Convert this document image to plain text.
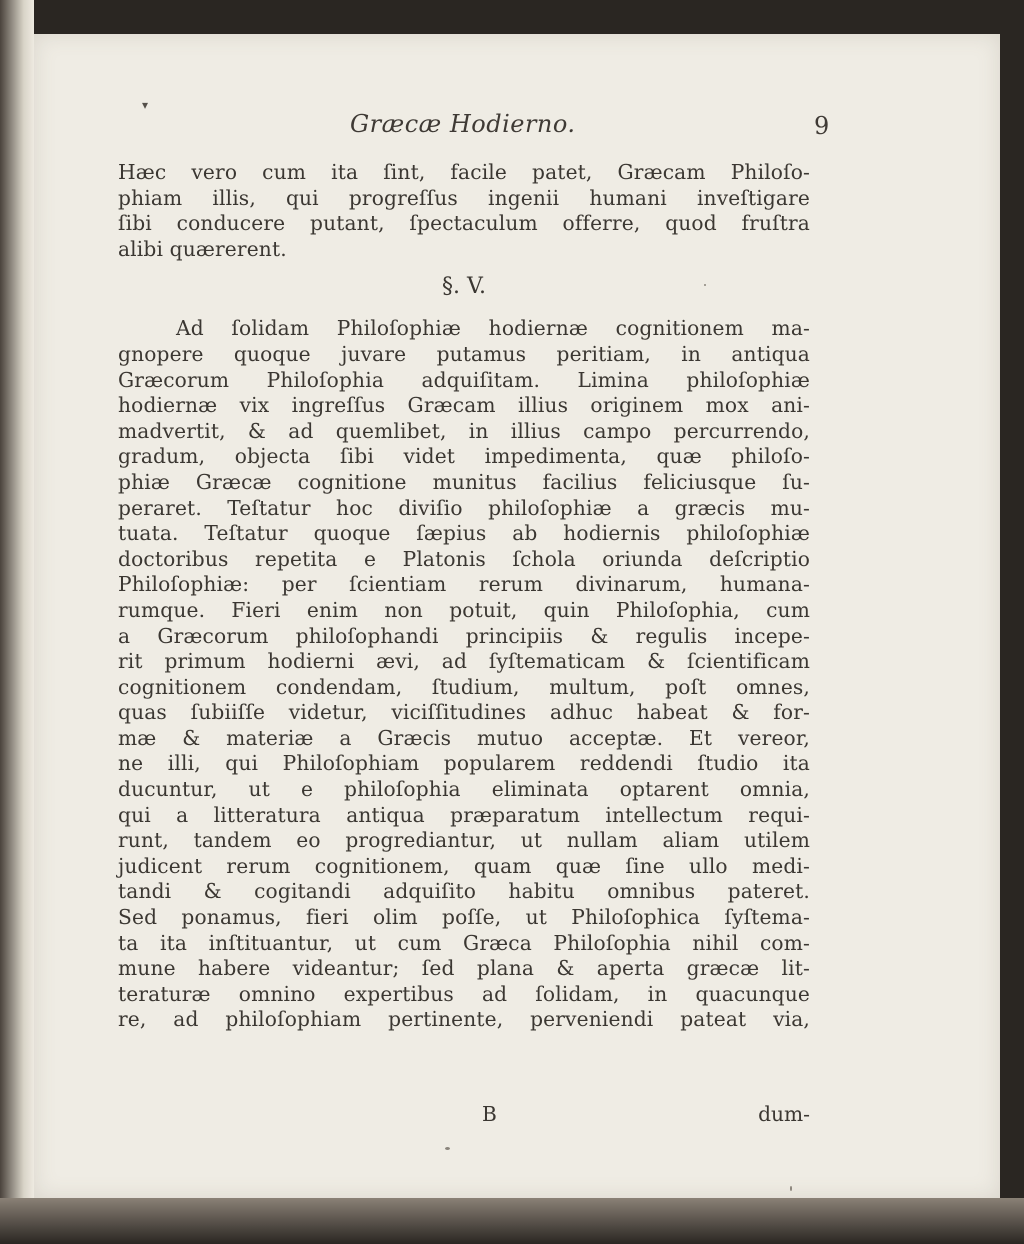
▾
Græcæ Hodierno.	9
Hæc vero cum ita ſint, facile patet, Græcam Philoſo-
phiam illis, qui progreſſus ingenii humani inveſtigare
ſibi conducere putant, ſpectaculum offerre, quod fruſtra
alibi quærerent.
§. V.
Ad ſolidam Philoſophiæ hodiernæ cognitionem ma-
gnopere quoque juvare putamus peritiam, in antiqua
Græcorum Philoſophia adquiſitam. Limina philoſophiæ
hodiernæ vix ingreſſus Græcam illius originem mox ani-
madvertit, & ad quemlibet, in illius campo percurrendo,
gradum, objecta ſibi videt impedimenta, quæ philoſo-
phiæ Græcæ cognitione munitus facilius feliciusque ſu-
peraret. Teſtatur hoc diviſio philoſophiæ a græcis mu-
tuata. Teſtatur quoque ſæpius ab hodiernis philoſophiæ
doctoribus repetita e Platonis ſchola oriunda deſcriptio
Philoſophiæ: per ſcientiam rerum divinarum, humana-
rumque. Fieri enim non potuit, quin Philoſophia, cum
a Græcorum philoſophandi principiis & regulis incepe-
rit primum hodierni ævi, ad ſyſtematicam & ſcientificam
cognitionem condendam, ſtudium, multum, poſt omnes,
quas ſubiiſſe videtur, viciſſitudines adhuc habeat & for-
mæ & materiæ a Græcis mutuo acceptæ. Et vereor,
ne illi, qui Philoſophiam popularem reddendi ſtudio ita
ducuntur, ut e philoſophia eliminata optarent omnia,
qui a litteratura antiqua præparatum intellectum requi-
runt, tandem eo progrediantur, ut nullam aliam utilem
judicent rerum cognitionem, quam quæ ſine ullo medi-
tandi & cogitandi adquiſito habitu omnibus pateret.
Sed ponamus, fieri olim poſſe, ut Philoſophica ſyſtema-
ta ita inſtituantur, ut cum Græca Philoſophia nihil com-
mune habere videantur; ſed plana & aperta græcæ lit-
teraturæ omnino expertibus ad ſolidam, in quacunque
re, ad philoſophiam pertinente, perveniendi pateat via,
B	dum-
